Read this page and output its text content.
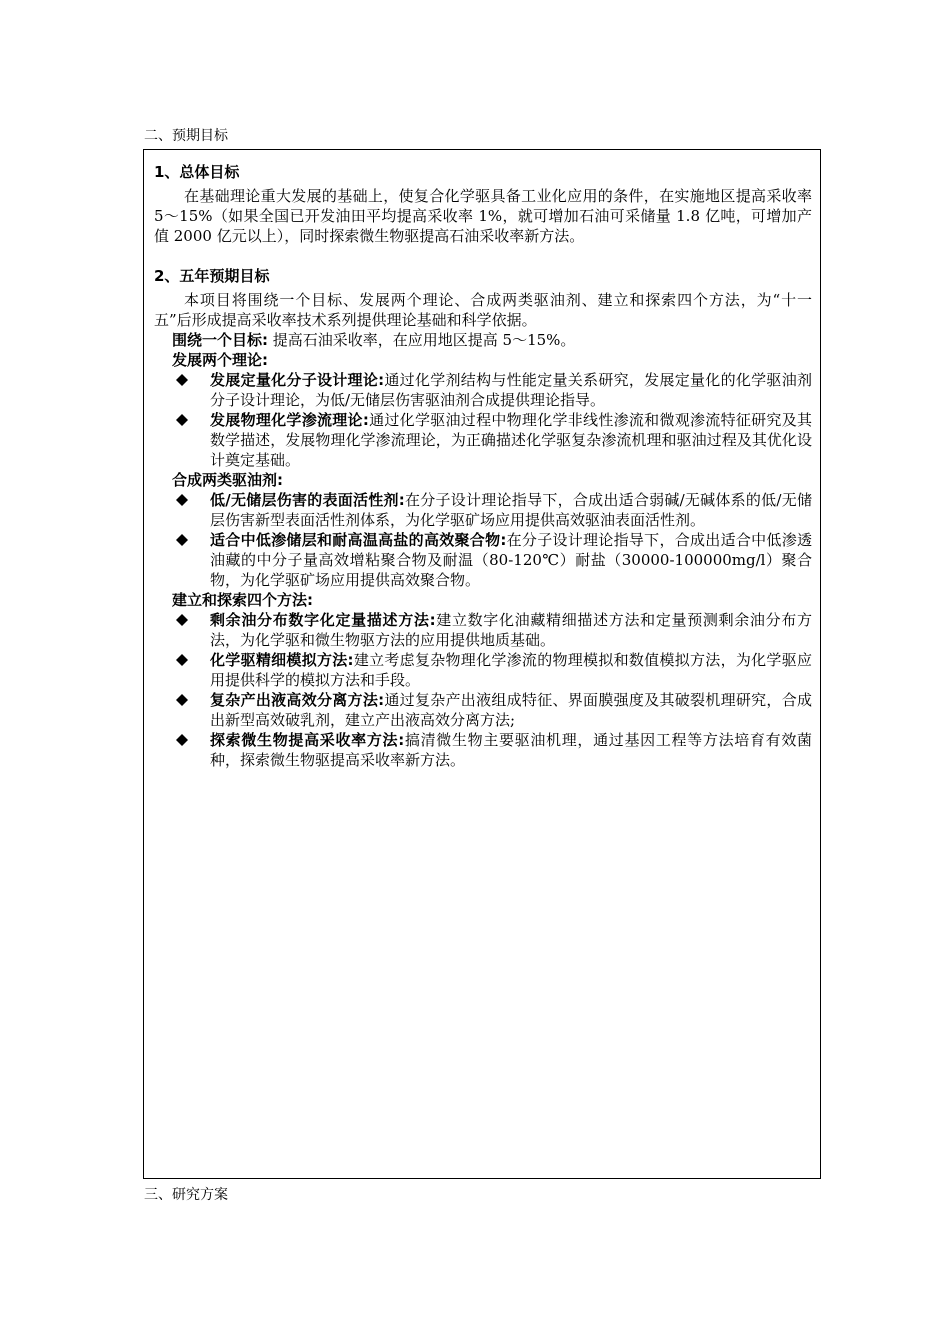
二、预期目标

1、总体目标

在基础理论重大发展的基础上，使复合化学驱具备工业化应用的条件，在实施地区提高采收率 5～15%（如果全国已开发油田平均提高采收率 1%，就可增加石油可采储量 1.8 亿吨，可增加产值 2000 亿元以上），同时探索微生物驱提高石油采收率新方法。

2、五年预期目标

本项目将围绕一个目标、发展两个理论、合成两类驱油剂、建立和探索四个方法，为“十一五”后形成提高采收率技术系列提供理论基础和科学依据。

围绕一个目标: 提高石油采收率，在应用地区提高 5～15%。

发展两个理论:

发展定量化分子设计理论:通过化学剂结构与性能定量关系研究，发展定量化的化学驱油剂分子设计理论，为低/无储层伤害驱油剂合成提供理论指导。
发展物理化学渗流理论:通过化学驱油过程中物理化学非线性渗流和微观渗流特征研究及其数学描述，发展物理化学渗流理论，为正确描述化学驱复杂渗流机理和驱油过程及其优化设计奠定基础。

合成两类驱油剂:

低/无储层伤害的表面活性剂:在分子设计理论指导下，合成出适合弱碱/无碱体系的低/无储层伤害新型表面活性剂体系，为化学驱矿场应用提供高效驱油表面活性剂。
适合中低渗储层和耐高温高盐的高效聚合物:在分子设计理论指导下，合成出适合中低渗透油藏的中分子量高效增粘聚合物及耐温（80-120℃）耐盐（30000-100000mg/l）聚合物，为化学驱矿场应用提供高效聚合物。

建立和探索四个方法:

剩余油分布数字化定量描述方法:建立数字化油藏精细描述方法和定量预测剩余油分布方法，为化学驱和微生物驱方法的应用提供地质基础。
化学驱精细模拟方法:建立考虑复杂物理化学渗流的物理模拟和数值模拟方法，为化学驱应用提供科学的模拟方法和手段。
复杂产出液高效分离方法:通过复杂产出液组成特征、界面膜强度及其破裂机理研究，合成出新型高效破乳剂，建立产出液高效分离方法;
探索微生物提高采收率方法:搞清微生物主要驱油机理，通过基因工程等方法培育有效菌种，探索微生物驱提高采收率新方法。
三、研究方案
